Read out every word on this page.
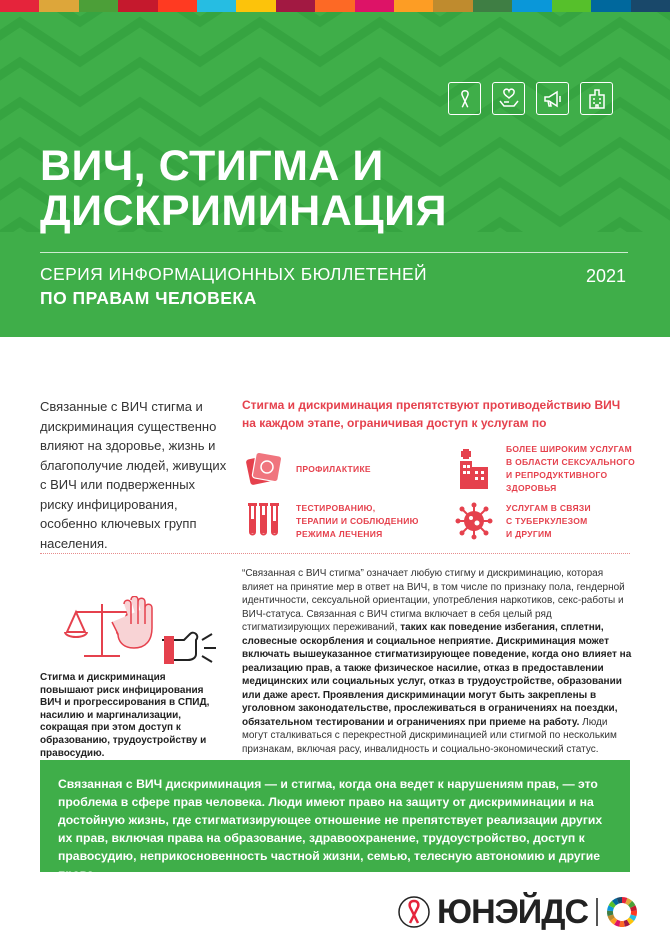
ВИЧ, СТИГМА И
ДИСКРИМИНАЦИЯ
СЕРИЯ ИНФОРМАЦИОННЫХ БЮЛЛЕТЕНЕЙ
ПО ПРАВАМ ЧЕЛОВЕКА
2021
Связанные с ВИЧ стигма и дискриминация существенно влияют на здоровье, жизнь и благополучие людей, живущих с ВИЧ или подверженных риску инфицирования, особенно ключевых групп населения.
Стигма и дискриминация препятствуют противодействию ВИЧ на каждом этапе, ограничивая доступ к услугам по
ПРОФИЛАКТИКЕ
БОЛЕЕ ШИРОКИМ УСЛУГАМ
В ОБЛАСТИ СЕКСУАЛЬНОГО
И РЕПРОДУКТИВНОГО
ЗДОРОВЬЯ
ТЕСТИРОВАНИЮ,
ТЕРАПИИ И СОБЛЮДЕНИЮ
РЕЖИМА ЛЕЧЕНИЯ
УСЛУГАМ В СВЯЗИ
С ТУБЕРКУЛЕЗОМ
И ДРУГИМ
Стигма и дискриминация повышают риск инфицирования ВИЧ и прогрессирования в СПИД, насилию и маргинализации, сокращая при этом доступ к образованию, трудоустройству и правосудию.
“Связанная с ВИЧ стигма” означает любую стигму и дискриминацию, которая влияет на принятие мер в ответ на ВИЧ, в том числе по признаку пола, гендерной идентичности, сексуальной ориентации, употребления наркотиков, секс-работы и ВИЧ-статуса. Связанная с ВИЧ стигма включает в себя целый ряд стигматизирующих переживаний, таких как поведение избегания, сплетни, словесные оскорбления и социальное неприятие. Дискриминация может включать вышеуказанное стигматизирующее поведение, когда оно влияет на реализацию прав, а также физическое насилие, отказ в предоставлении медицинских или социальных услуг, отказ в трудоустройстве, образовании или даже арест. Проявления дискриминации могут быть закреплены в уголовном законодательстве, прослеживаться в ограничениях на поездки, обязательном тестировании и ограничениях при приеме на работу. Люди могут сталкиваться с перекрестной дискриминацией или стигмой по нескольким признакам, включая расу, инвалидность и социально-экономический статус.
Связанная с ВИЧ дискриминация — и стигма, когда она ведет к нарушениям прав, — это проблема в сфере прав человека. Люди имеют право на защиту от дискриминации и на достойную жизнь, где стигматизирующее отношение не препятствует реализации других их прав, включая права на образование, здравоохранение, трудоустройство, доступ к правосудию, неприкосновенность частной жизни, семью, телесную автономию и другие права.
ЮНЭЙДС
